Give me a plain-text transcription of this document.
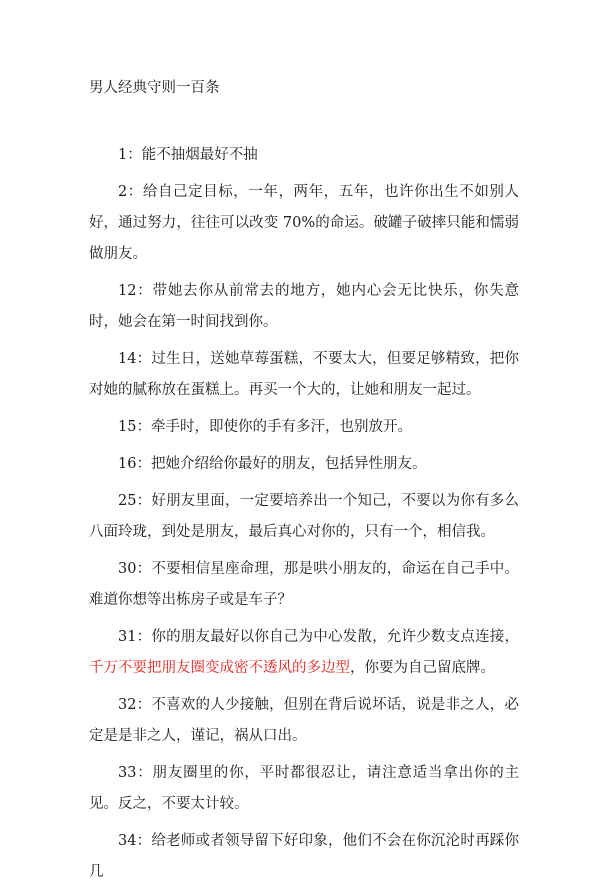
男人经典守则一百条

1：能不抽烟最好不抽

2：给自己定目标，一年，两年，五年，也许你出生不如别人好，通过努力，往往可以改变 70%的命运。破罐子破摔只能和懦弱做朋友。

12：带她去你从前常去的地方，她内心会无比快乐，你失意时，她会在第一时间找到你。

14：过生日，送她草莓蛋糕，不要太大，但要足够精致，把你对她的腻称放在蛋糕上。再买一个大的，让她和朋友一起过。

15：牵手时，即使你的手有多汗，也别放开。

16：把她介绍给你最好的朋友，包括异性朋友。

25：好朋友里面，一定要培养出一个知己，不要以为你有多么八面玲珑，到处是朋友，最后真心对你的，只有一个，相信我。

30：不要相信星座命理，那是哄小朋友的，命运在自己手中。难道你想等出栋房子或是车子？

31：你的朋友最好以你自己为中心发散，允许少数支点连接，千万不要把朋友圈变成密不透风的多边型，你要为自己留底牌。

32：不喜欢的人少接触，但别在背后说坏话，说是非之人，必定是是非之人，谨记，祸从口出。

33：朋友圈里的你，平时都很忍让，请注意适当拿出你的主见。反之，不要太计较。

34：给老师或者领导留下好印象，他们不会在你沉沦时再踩你几
